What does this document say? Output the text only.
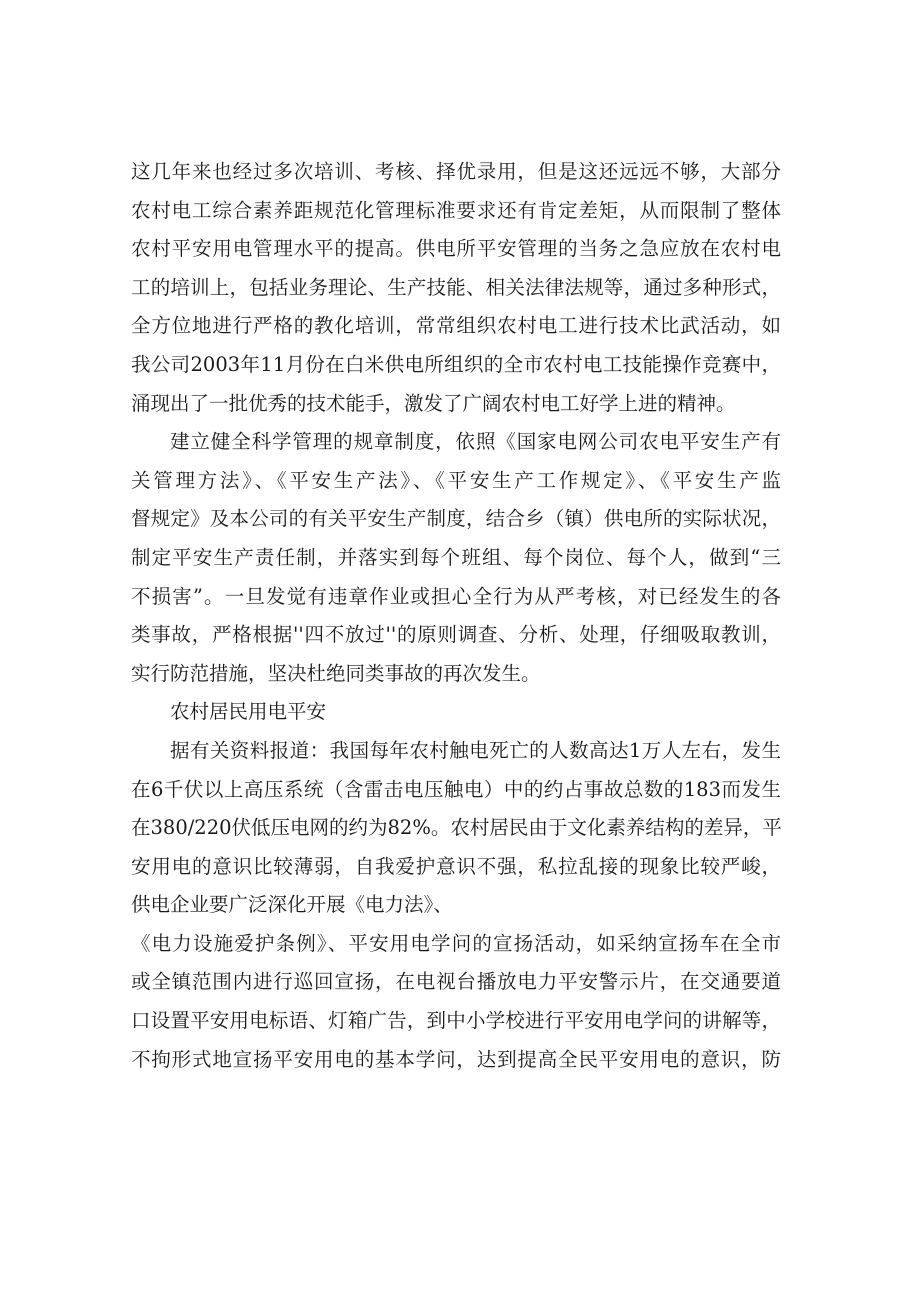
这几年来也经过多次培训、考核、择优录用，但是这还远远不够，大部分
农村电工综合素养距规范化管理标准要求还有肯定差矩，从而限制了整体
农村平安用电管理水平的提高。供电所平安管理的当务之急应放在农村电
工的培训上，包括业务理论、生产技能、相关法律法规等，通过多种形式，
全方位地进行严格的教化培训，常常组织农村电工进行技术比武活动，如
我公司2003年11月份在白米供电所组织的全市农村电工技能操作竞赛中，
涌现出了一批优秀的技术能手，激发了广阔农村电工好学上进的精神。
建立健全科学管理的规章制度，依照《国家电网公司农电平安生产有
关管理方法》、《平安生产法》、《平安生产工作规定》、《平安生产监
督规定》及本公司的有关平安生产制度，结合乡（镇）供电所的实际状况，
制定平安生产责任制，并落实到每个班组、每个岗位、每个人，做到“三
不损害”。一旦发觉有违章作业或担心全行为从严考核，对已经发生的各
类事故，严格根据''四不放过''的原则调查、分析、处理，仔细吸取教训，
实行防范措施，坚决杜绝同类事故的再次发生。
农村居民用电平安
据有关资料报道：我国每年农村触电死亡的人数高达1万人左右，发生
在6千伏以上高压系统（含雷击电压触电）中的约占事故总数的183而发生
在380/220伏低压电网的约为82%。农村居民由于文化素养结构的差异，平
安用电的意识比较薄弱，自我爱护意识不强，私拉乱接的现象比较严峻，
供电企业要广泛深化开展《电力法》、
《电力设施爱护条例》、平安用电学问的宣扬活动，如采纳宣扬车在全市
或全镇范围内进行巡回宣扬，在电视台播放电力平安警示片，在交通要道
口设置平安用电标语、灯箱广告，到中小学校进行平安用电学问的讲解等，
不拘形式地宣扬平安用电的基本学问，达到提高全民平安用电的意识，防
